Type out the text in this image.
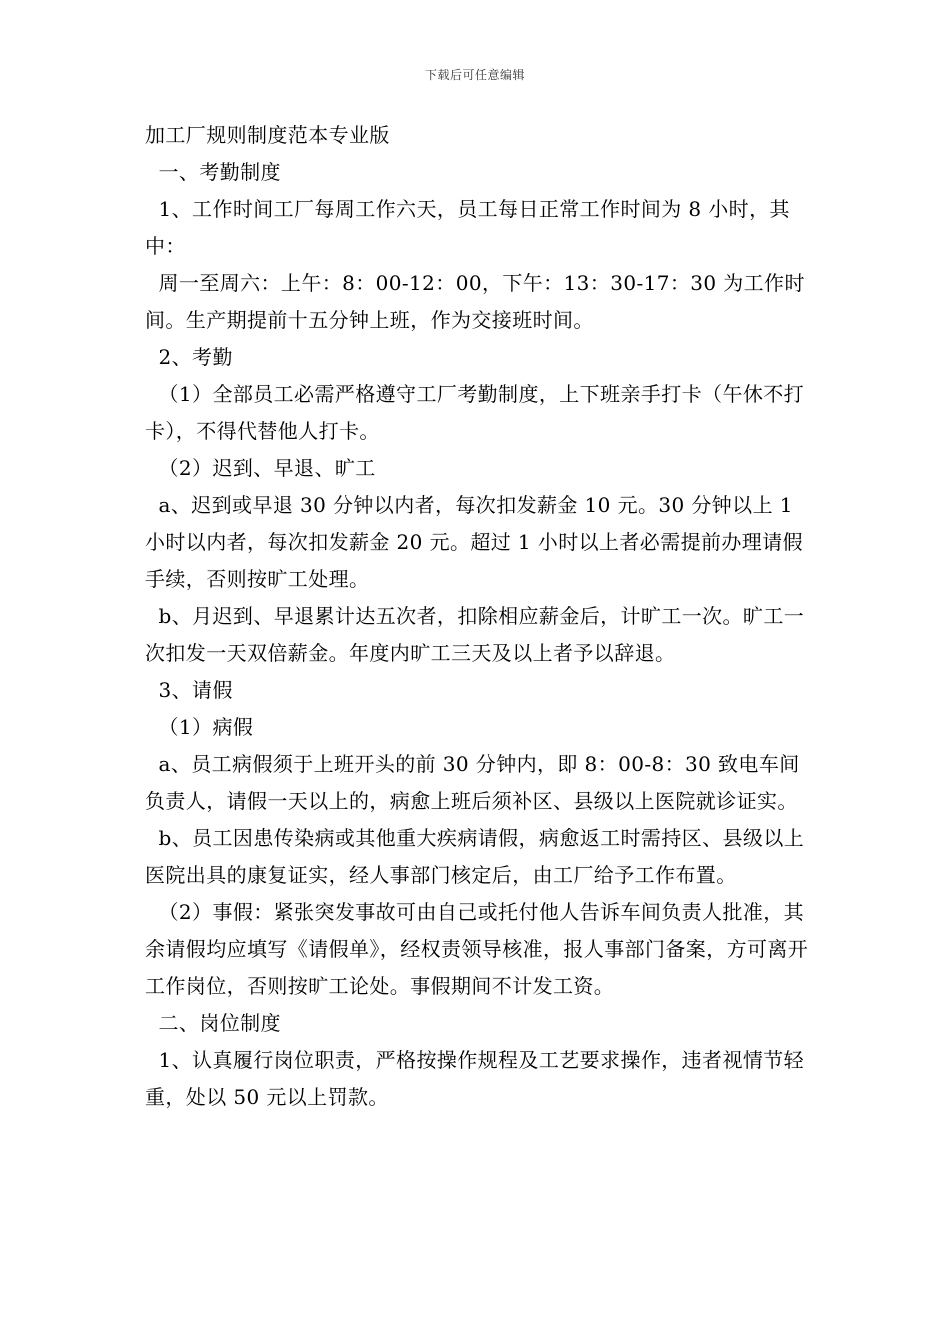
下载后可任意编辑

加工厂规则制度范本专业版

一、考勤制度

1、工作时间工厂每周工作六天，员工每日正常工作时间为 8 小时，其中：

周一至周六：上午：8：00-12：00，下午：13：30-17：30 为工作时间。生产期提前十五分钟上班，作为交接班时间。

2、考勤

（1）全部员工必需严格遵守工厂考勤制度，上下班亲手打卡（午休不打卡），不得代替他人打卡。

（2）迟到、早退、旷工

a、迟到或早退 30 分钟以内者，每次扣发薪金 10 元。30 分钟以上 1 小时以内者，每次扣发薪金 20 元。超过 1 小时以上者必需提前办理请假手续，否则按旷工处理。

b、月迟到、早退累计达五次者，扣除相应薪金后，计旷工一次。旷工一次扣发一天双倍薪金。年度内旷工三天及以上者予以辞退。

3、请假

（1）病假

a、员工病假须于上班开头的前 30 分钟内，即 8：00-8：30 致电车间负责人，请假一天以上的，病愈上班后须补区、县级以上医院就诊证实。

b、员工因患传染病或其他重大疾病请假，病愈返工时需持区、县级以上医院出具的康复证实，经人事部门核定后，由工厂给予工作布置。

（2）事假：紧张突发事故可由自己或托付他人告诉车间负责人批准，其余请假均应填写《请假单》，经权责领导核准，报人事部门备案，方可离开工作岗位，否则按旷工论处。事假期间不计发工资。

二、岗位制度

1、认真履行岗位职责，严格按操作规程及工艺要求操作，违者视情节轻重，处以 50 元以上罚款。
